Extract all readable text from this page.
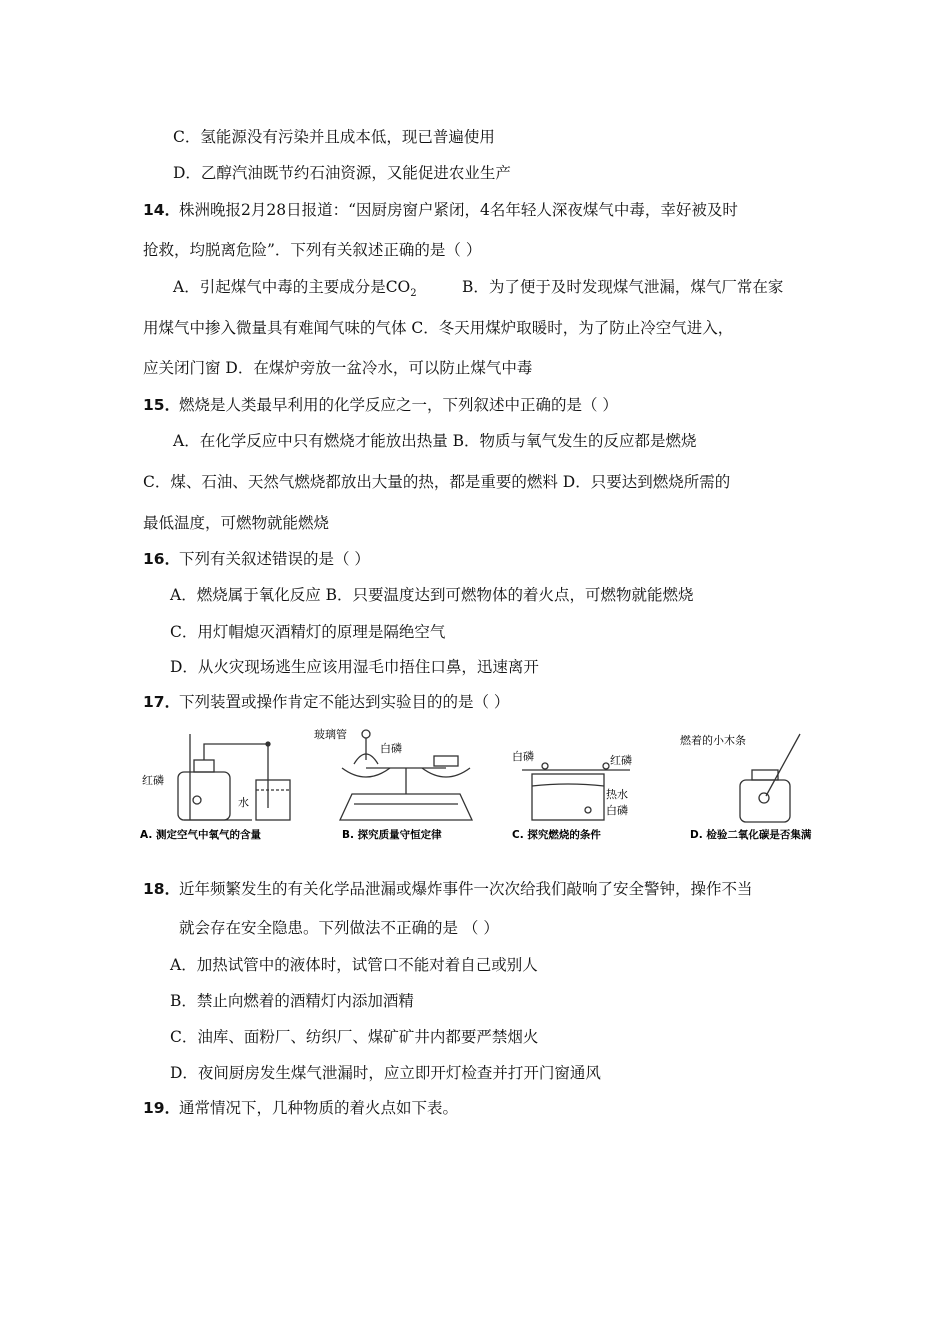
C．氢能源没有污染并且成本低，现已普遍使用
D．乙醇汽油既节约石油资源，又能促进农业生产
14．
株洲晚报2月28日报道：“因厨房窗户紧闭，4名年轻人深夜煤气中毒，幸好被及时
抢救，均脱离危险”．下列有关叙述正确的是（ ）
A．引起煤气中毒的主要成分是$CO_2$	B．为了便于及时发现煤气泄漏，煤气厂常在家
用煤气中掺入微量具有难闻气味的气体 C．冬天用煤炉取暖时，为了防止冷空气进入，
应关闭门窗 D．在煤炉旁放一盆冷水，可以防止煤气中毒
15．
燃烧是人类最早利用的化学反应之一，下列叙述中正确的是（ ）
A．在化学反应中只有燃烧才能放出热量 B．物质与氧气发生的反应都是燃烧
C．煤、石油、天然气燃烧都放出大量的热，都是重要的燃料 D．只要达到燃烧所需的
最低温度，可燃物就能燃烧
16．
下列有关叙述错误的是（ ）
A．燃烧属于氧化反应 B．只要温度达到可燃物体的着火点，可燃物就能燃烧
C．用灯帽熄灭酒精灯的原理是隔绝空气
D．从火灾现场逃生应该用湿毛巾捂住口鼻，迅速离开
17．
下列装置或操作肯定不能达到实验目的的是（ ）
红磷
水
玻璃管
白磷
白磷	红磷
热水
白磷
燃着的小木条
A. 测定空气中氧气的含量	B. 探究质量守恒定律	C. 探究燃烧的条件	D. 检验二氧化碳是否集满
18．
近年频繁发生的有关化学品泄漏或爆炸事件一次次给我们敲响了安全警钟，操作不当
就会存在安全隐患。下列做法不正确的是 （ ）
A．加热试管中的液体时，试管口不能对着自己或别人
B．禁止向燃着的酒精灯内添加酒精
C．油库、面粉厂、纺织厂、煤矿矿井内都要严禁烟火
D．夜间厨房发生煤气泄漏时，应立即开灯检查并打开门窗通风
19．
通常情况下，几种物质的着火点如下表。
